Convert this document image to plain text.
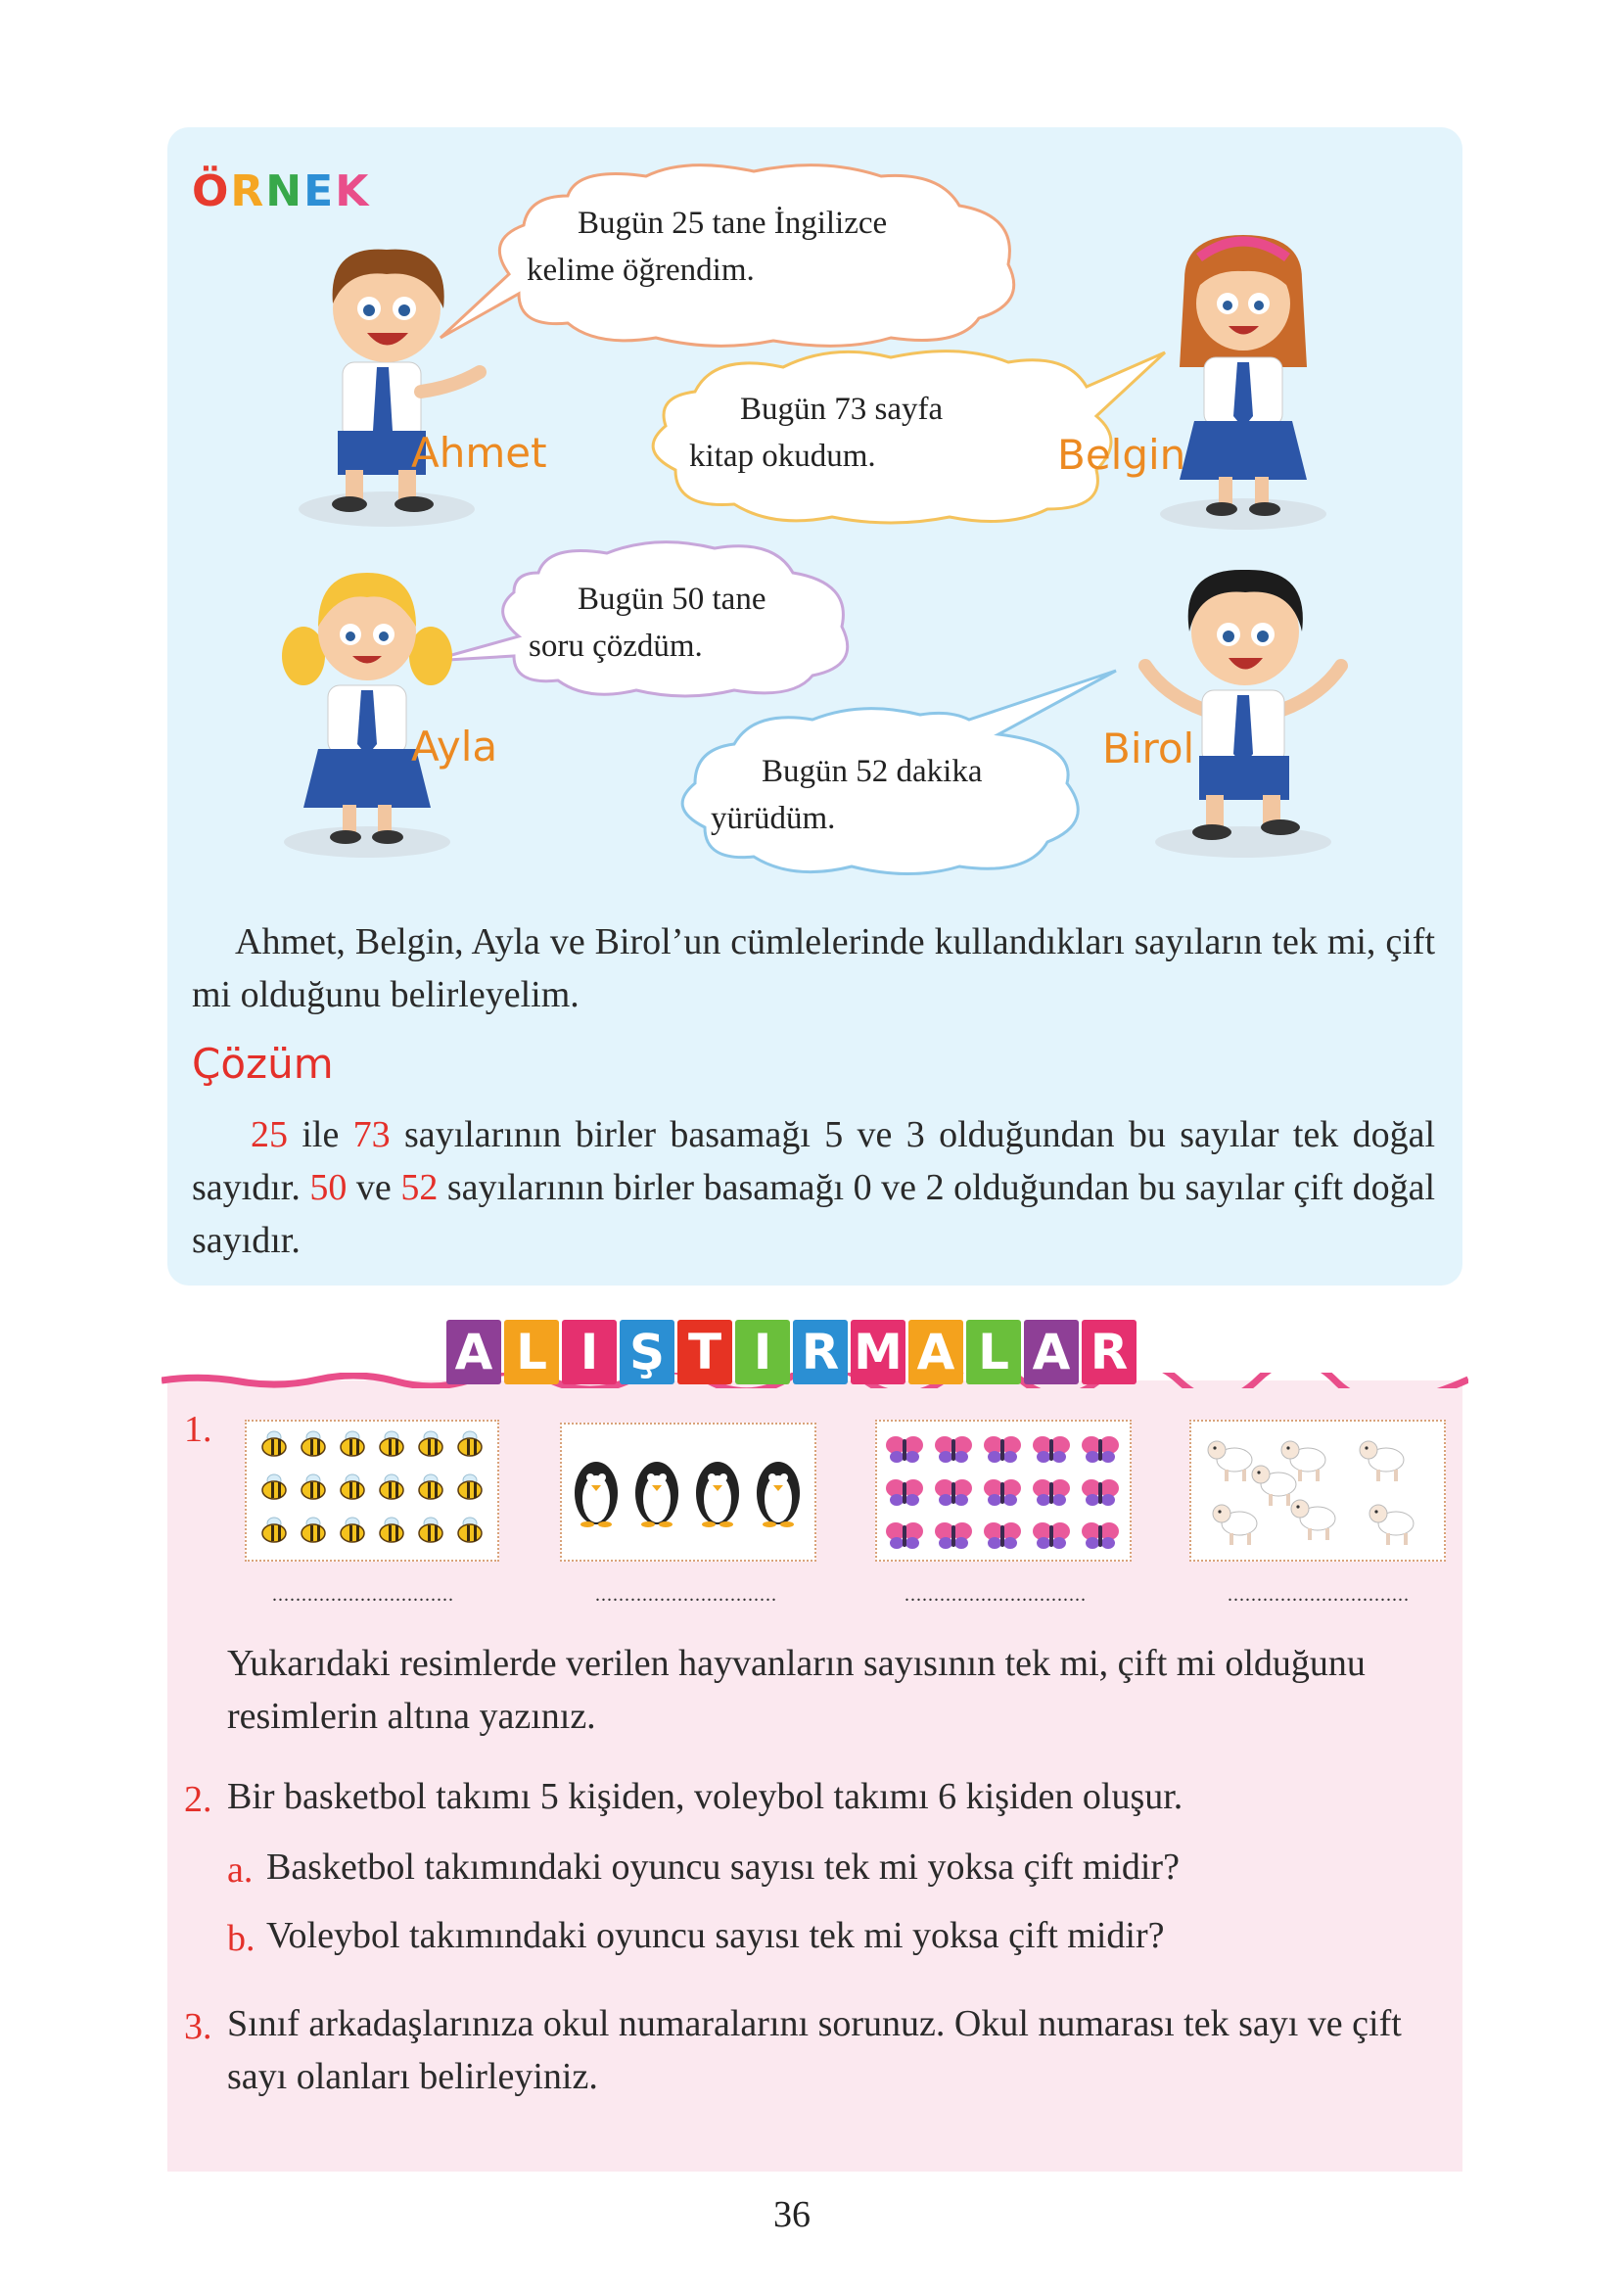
ÖRNEK
Bugün 25 tane İngilizce
kelime öğrendim.
Bugün 73 sayfa
kitap okudum.
Bugün 50 tane
soru çözdüm.
Bugün 52 dakika
yürüdüm.
Ahmet	Belgin
Ayla	Birol
Ahmet, Belgin, Ayla ve Birol’un cümlelerinde kullandıkları sayıların tek mi, çift mi olduğunu belirleyelim.
Çözüm
25 ile 73 sayılarının birler basamağı 5 ve 3 olduğundan bu sayılar tek doğal sayıdır. 50 ve 52 sayılarının birler basamağı 0 ve 2 olduğundan bu sayılar çift doğal sayıdır.
A L I Ş T I R M A L A R
1.
...............................	...............................	...............................	...............................
Yukarıdaki resimlerde verilen hayvanların sayısının tek mi, çift mi olduğunu resimlerin altına yazınız.
2. Bir basketbol takımı 5 kişiden, voleybol takımı 6 kişiden oluşur.
a. Basketbol takımındaki oyuncu sayısı tek mi yoksa çift midir?
b. Voleybol takımındaki oyuncu sayısı tek mi yoksa çift midir?
3. Sınıf arkadaşlarınıza okul numaralarını sorunuz. Okul numarası tek sayı ve çift sayı olanları belirleyiniz.
36
